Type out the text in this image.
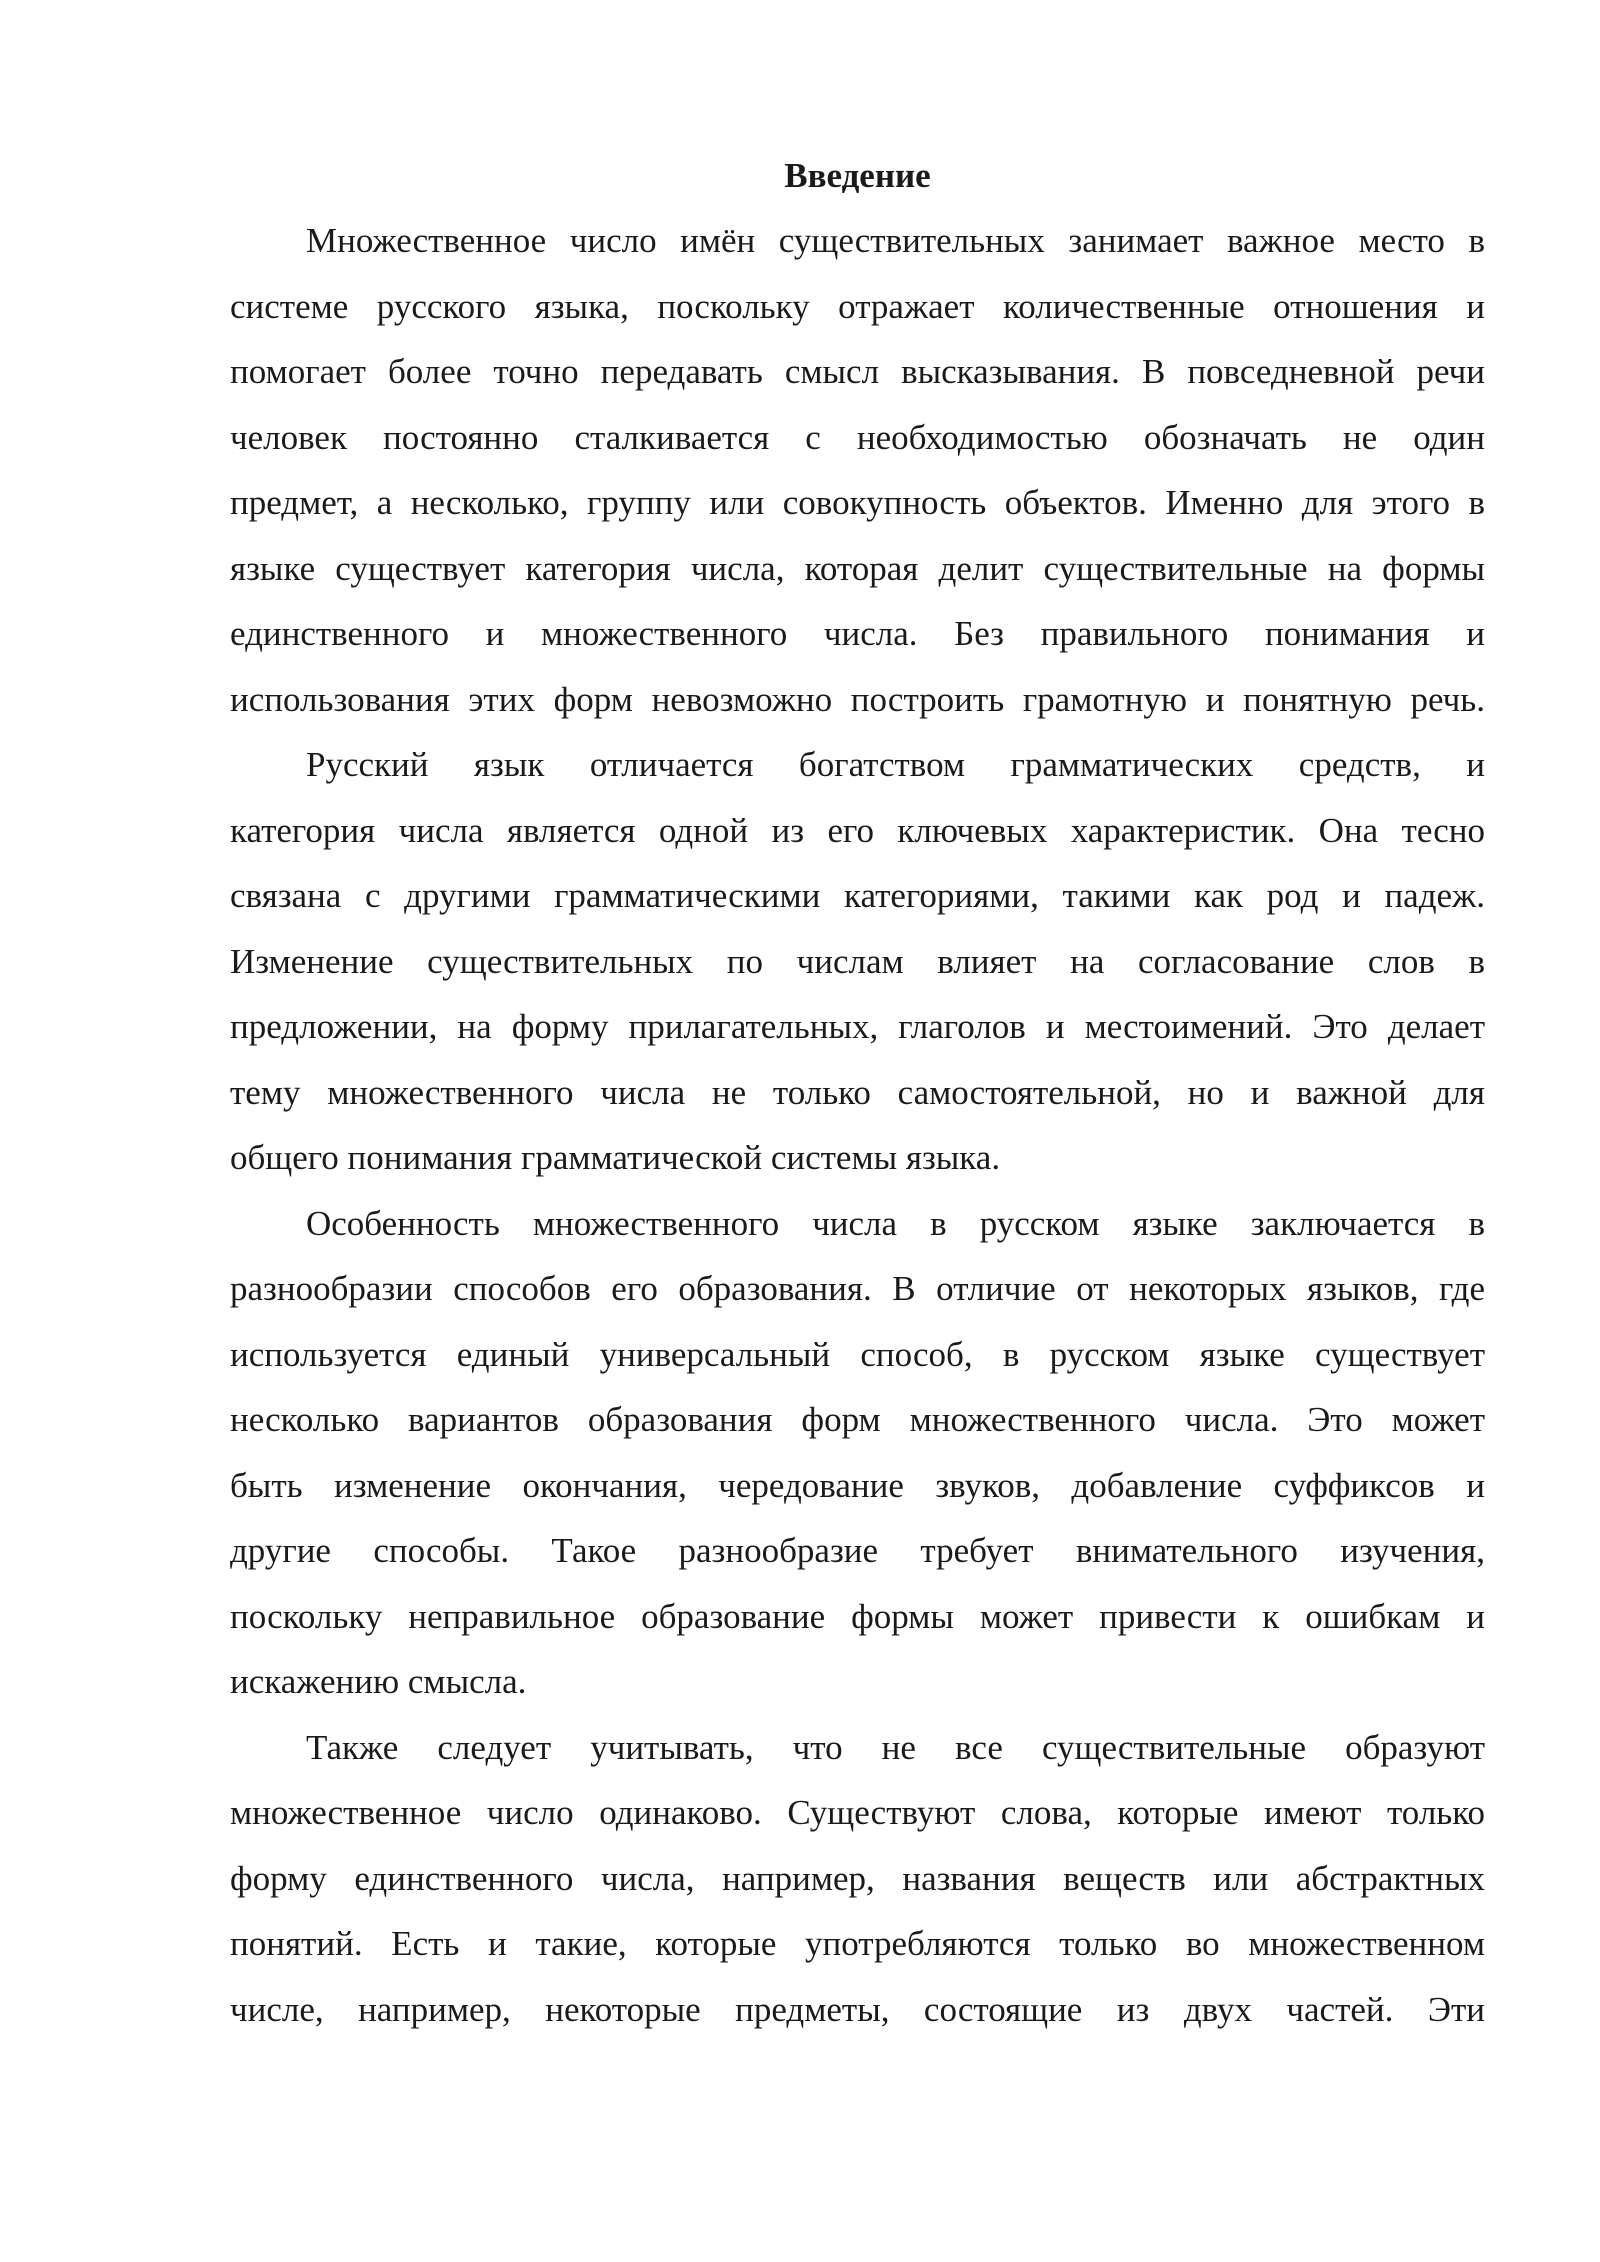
Введение
Множественное число имён существительных занимает важное место в
системе русского языка, поскольку отражает количественные отношения и
помогает более точно передавать смысл высказывания. В повседневной речи
человек постоянно сталкивается с необходимостью обозначать не один
предмет, а несколько, группу или совокупность объектов. Именно для этого в
языке существует категория числа, которая делит существительные на формы
единственного и множественного числа. Без правильного понимания и
использования этих форм невозможно построить грамотную и понятную речь.
Русский язык отличается богатством грамматических средств, и
категория числа является одной из его ключевых характеристик. Она тесно
связана с другими грамматическими категориями, такими как род и падеж.
Изменение существительных по числам влияет на согласование слов в
предложении, на форму прилагательных, глаголов и местоимений. Это делает
тему множественного числа не только самостоятельной, но и важной для
общего понимания грамматической системы языка.
Особенность множественного числа в русском языке заключается в
разнообразии способов его образования. В отличие от некоторых языков, где
используется единый универсальный способ, в русском языке существует
несколько вариантов образования форм множественного числа. Это может
быть изменение окончания, чередование звуков, добавление суффиксов и
другие способы. Такое разнообразие требует внимательного изучения,
поскольку неправильное образование формы может привести к ошибкам и
искажению смысла.
Также следует учитывать, что не все существительные образуют
множественное число одинаково. Существуют слова, которые имеют только
форму единственного числа, например, названия веществ или абстрактных
понятий. Есть и такие, которые употребляются только во множественном
числе, например, некоторые предметы, состоящие из двух частей. Эти
